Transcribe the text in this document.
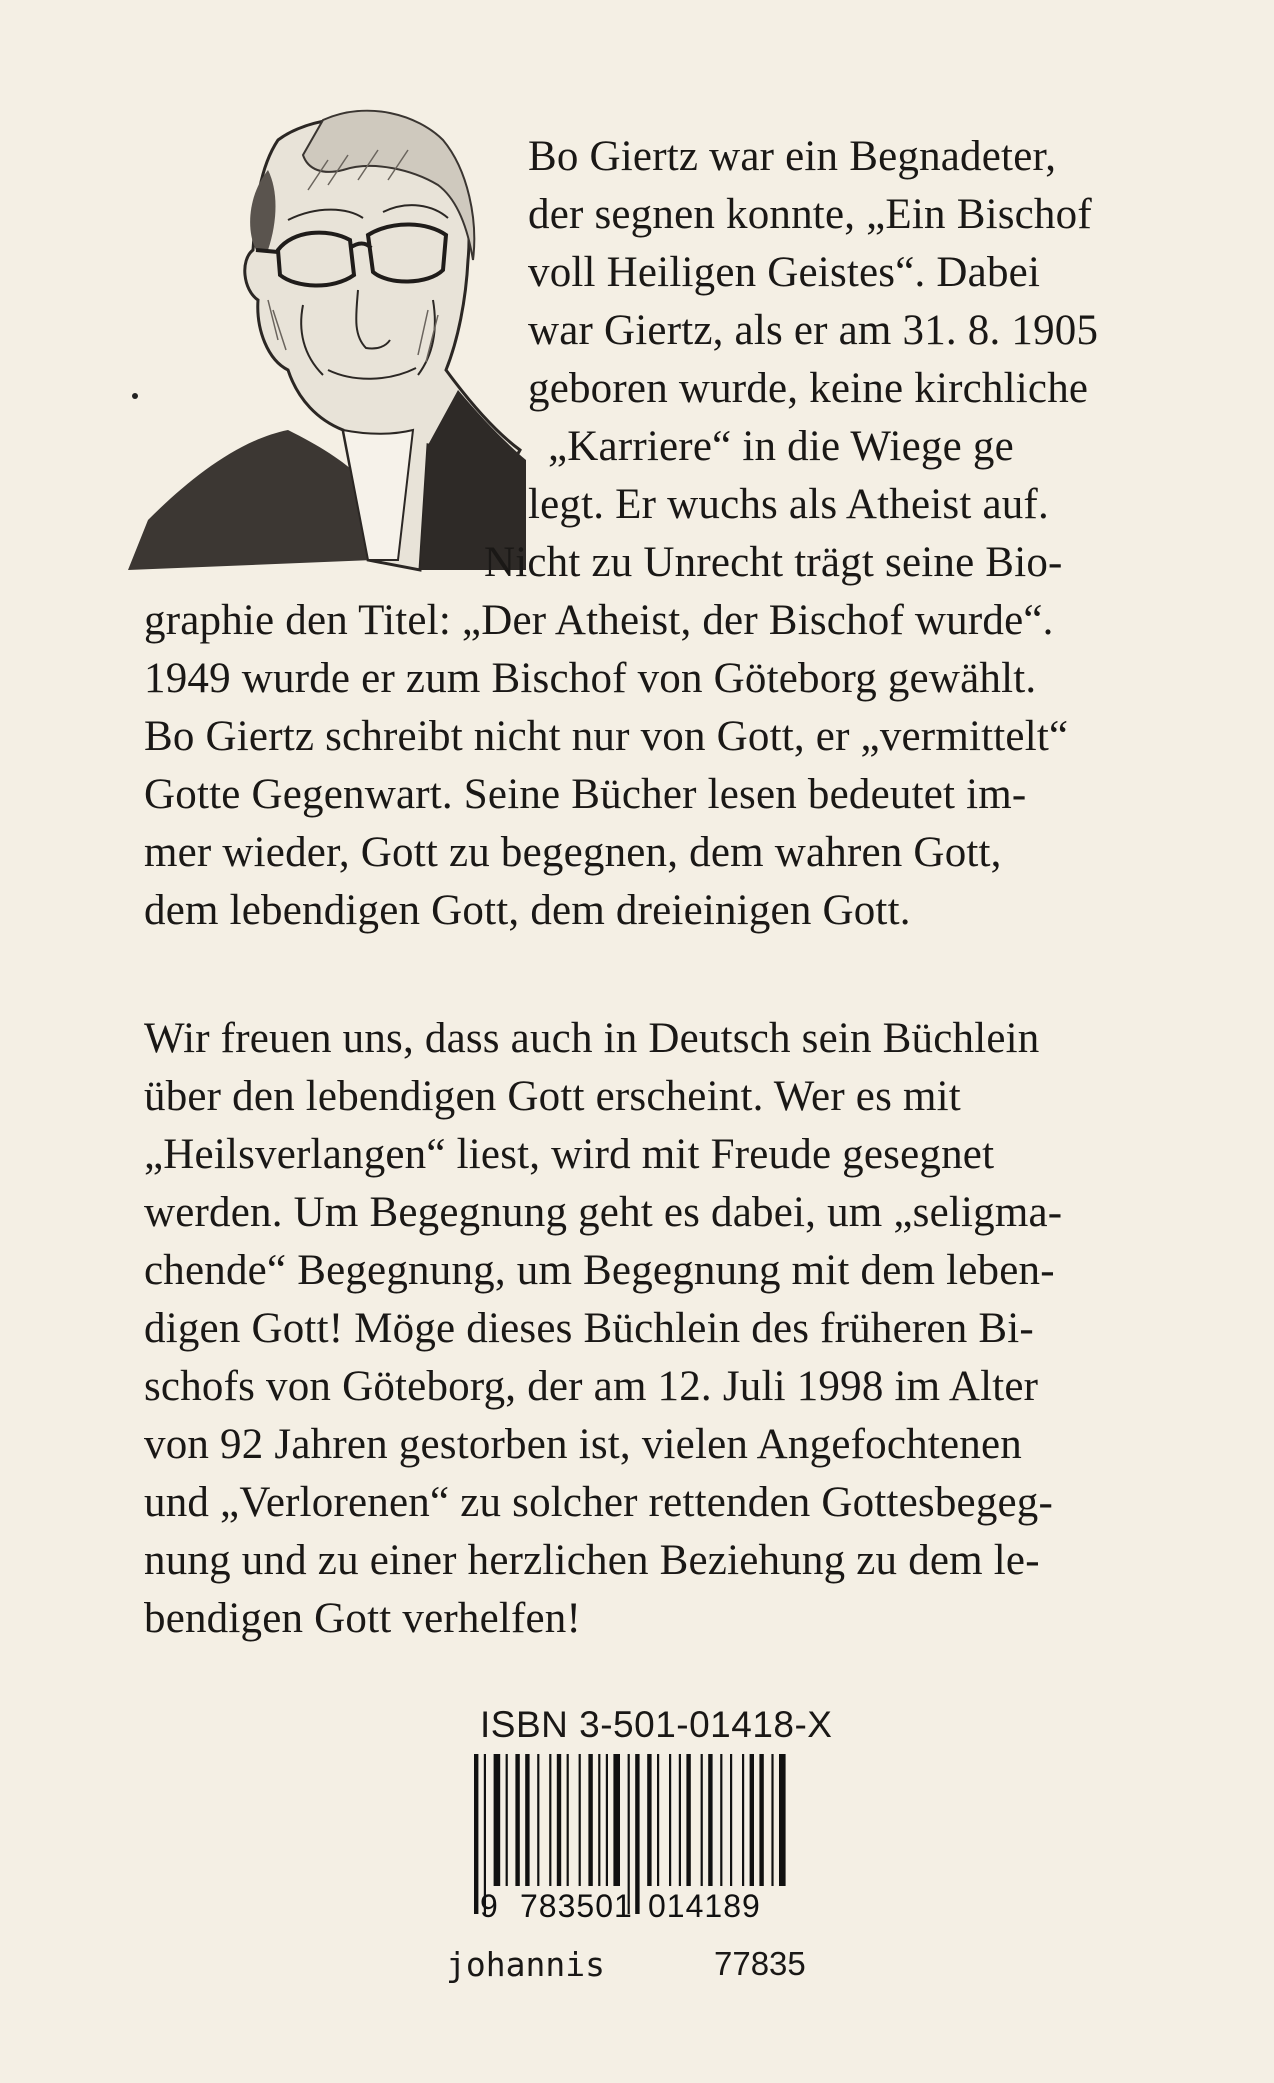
Bo Giertz war ein Begnadeter,
der segnen konnte, „Ein Bischof
voll Heiligen Geistes“. Dabei
war Giertz, als er am 31. 8. 1905
geboren wurde, keine kirchliche
„Karriere“ in die Wiege ge
legt. Er wuchs als Atheist auf.
Nicht zu Unrecht trägt seine Bio-
graphie den Titel: „Der Atheist, der Bischof wurde“.
1949 wurde er zum Bischof von Göteborg gewählt.
Bo Giertz schreibt nicht nur von Gott, er „vermittelt“
Gotte Gegenwart. Seine Bücher lesen bedeutet im-
mer wieder, Gott zu begegnen, dem wahren Gott,
dem lebendigen Gott, dem dreieinigen Gott.
Wir freuen uns, dass auch in Deutsch sein Büchlein
über den lebendigen Gott erscheint. Wer es mit
„Heilsverlangen“ liest, wird mit Freude gesegnet
werden. Um Begegnung geht es dabei, um „seligma-
chende“ Begegnung, um Begegnung mit dem leben-
digen Gott! Möge dieses Büchlein des früheren Bi-
schofs von Göteborg, der am 12. Juli 1998 im Alter
von 92 Jahren gestorben ist, vielen Angefochtenen
und „Verlorenen“ zu solcher rettenden Gottesbegeg-
nung und zu einer herzlichen Beziehung zu dem le-
bendigen Gott verhelfen!
ISBN 3-501-01418-X
9 783501 014189
johannis	77835
